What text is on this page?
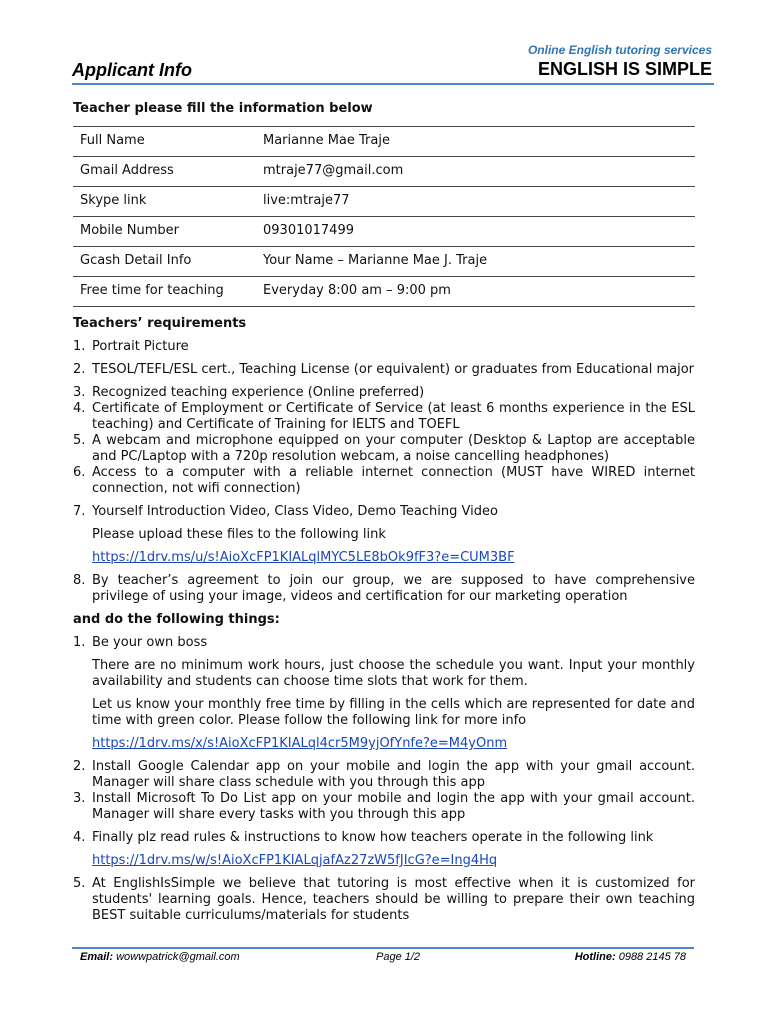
Online English tutoring services
Applicant Info	ENGLISH IS SIMPLE

Teacher please fill the information below

Full Name	Marianne Mae Traje
Gmail Address	mtraje77@gmail.com
Skype link	live:mtraje77
Mobile Number	09301017499
Gcash Detail Info	Your Name – Marianne Mae J. Traje
Free time for teaching	Everyday 8:00 am – 9:00 pm

Teachers’ requirements

1. Portrait Picture
2. TESOL/TEFL/ESL cert., Teaching License (or equivalent) or graduates from Educational major
3. Recognized teaching experience (Online preferred)
4. Certificate of Employment or Certificate of Service (at least 6 months experience in the ESL teaching) and Certificate of Training for IELTS and TOEFL
5. A webcam and microphone equipped on your computer (Desktop & Laptop are acceptable and PC/Laptop with a 720p resolution webcam, a noise cancelling headphones)
6. Access to a computer with a reliable internet connection (MUST have WIRED internet connection, not wifi connection)
7. Yourself Introduction Video, Class Video, Demo Teaching Video

Please upload these files to the following link

https://1drv.ms/u/s!AioXcFP1KIALqlMYC5LE8bOk9fF3?e=CUM3BF

8. By teacher’s agreement to join our group, we are supposed to have comprehensive privilege of using your image, videos and certification for our marketing operation

and do the following things:

1. Be your own boss

There are no minimum work hours, just choose the schedule you want. Input your monthly availability and students can choose time slots that work for them.

Let us know your monthly free time by filling in the cells which are represented for date and time with green color. Please follow the following link for more info

https://1drv.ms/x/s!AioXcFP1KIALql4cr5M9yjOfYnfe?e=M4yOnm

2. Install Google Calendar app on your mobile and login the app with your gmail account. Manager will share class schedule with you through this app
3. Install Microsoft To Do List app on your mobile and login the app with your gmail account. Manager will share every tasks with you through this app
4. Finally plz read rules & instructions to know how teachers operate in the following link

https://1drv.ms/w/s!AioXcFP1KIALqjafAz27zW5fJIcG?e=Ing4Hq

5. At EnglishIsSimple we believe that tutoring is most effective when it is customized for students' learning goals. Hence, teachers should be willing to prepare their own teaching BEST suitable curriculums/materials for students
Email: wowwpatrick@gmail.com	Page 1/2	Hotline: 0988 2145 78
